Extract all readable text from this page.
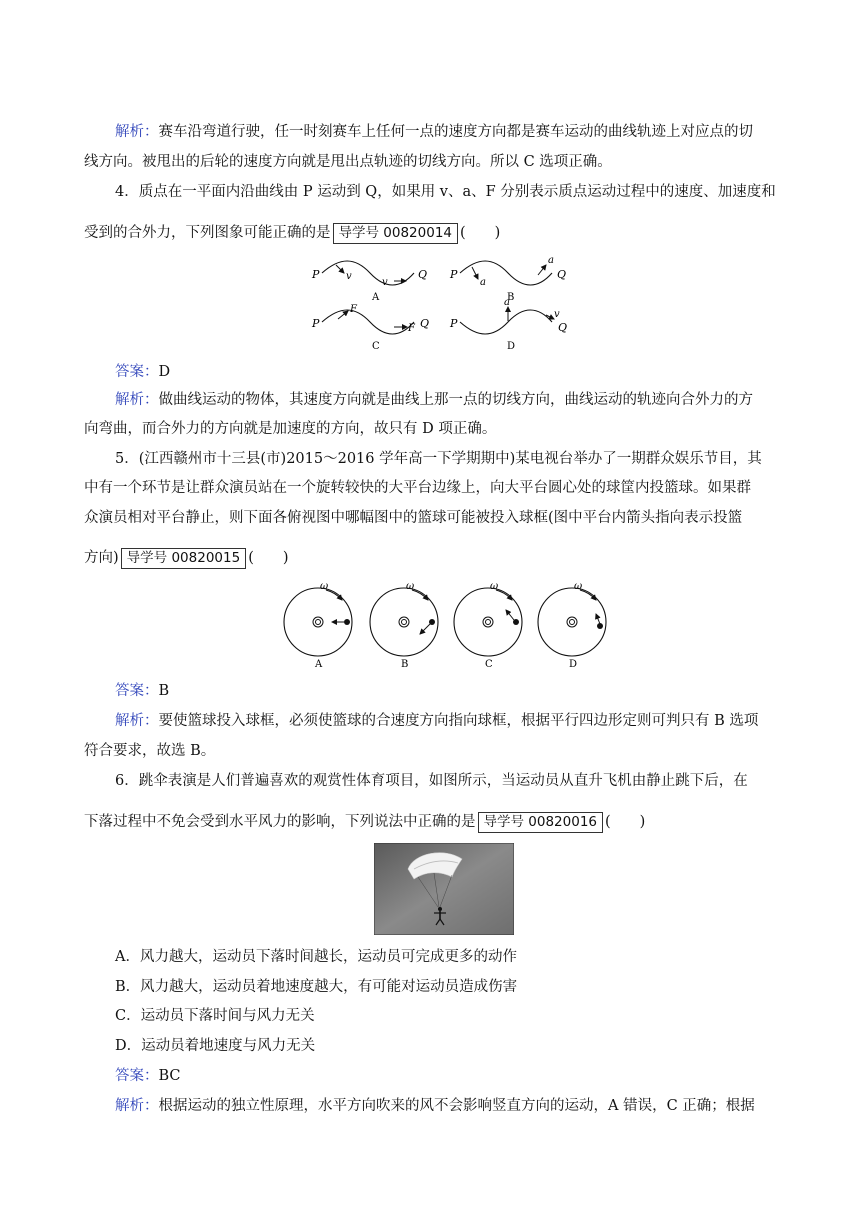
解析：赛车沿弯道行驶，任一时刻赛车上任何一点的速度方向都是赛车运动的曲线轨迹上对应点的切
线方向。被甩出的后轮的速度方向就是甩出点轨迹的切线方向。所以 C 选项正确。
4．质点在一平面内沿曲线由 P 运动到 Q，如果用 v、a、F 分别表示质点运动过程中的速度、加速度和
受到的合外力，下列图象可能正确的是 导学号 00820014 (　　)
P	v
v
Q
A
P
a
a
Q
B
P
F
F Q
C
P
a
v
Q
D
答案：D
解析：做曲线运动的物体，其速度方向就是曲线上那一点的切线方向，曲线运动的轨迹向合外力的方
向弯曲，而合外力的方向就是加速度的方向，故只有 D 项正确。
5．(江西赣州市十三县(市)2015～2016 学年高一下学期期中)某电视台举办了一期群众娱乐节目，其
中有一个环节是让群众演员站在一个旋转较快的大平台边缘上，向大平台圆心处的球筐内投篮球。如果群
众演员相对平台静止，则下面各俯视图中哪幅图中的篮球可能被投入球框(图中平台内箭头指向表示投篮
方向) 导学号 00820015 (　　)
ω
A
ω
B
ω
C
ω
D
答案：B
解析：要使篮球投入球框，必须使篮球的合速度方向指向球框，根据平行四边形定则可判只有 B 选项
符合要求，故选 B。
6．跳伞表演是人们普遍喜欢的观赏性体育项目，如图所示，当运动员从直升飞机由静止跳下后，在
下落过程中不免会受到水平风力的影响，下列说法中正确的是 导学号 00820016 (　　)
A．风力越大，运动员下落时间越长，运动员可完成更多的动作
B．风力越大，运动员着地速度越大，有可能对运动员造成伤害
C．运动员下落时间与风力无关
D．运动员着地速度与风力无关
答案：BC
解析：根据运动的独立性原理，水平方向吹来的风不会影响竖直方向的运动，A 错误，C 正确；根据
